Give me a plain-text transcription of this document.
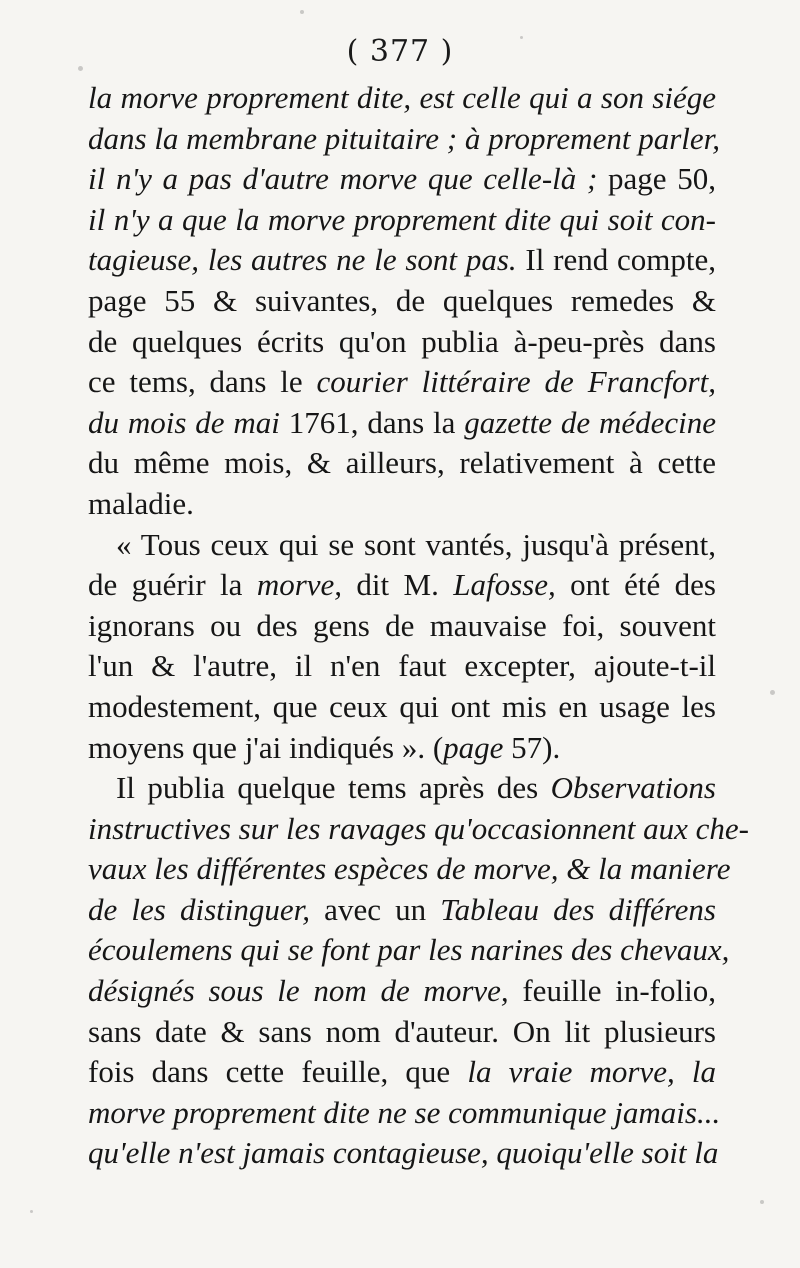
( 377 )
la morve proprement dite, est celle qui a son siége
dans la membrane pituitaire ; à proprement parler,
il n'y a pas d'autre morve que celle-là ; page 50,
il n'y a que la morve proprement dite qui soit con-
tagieuse, les autres ne le sont pas. Il rend compte,
page 55 & suivantes, de quelques remedes &
de quelques écrits qu'on publia à-peu-près dans
ce tems, dans le courier littéraire de Francfort,
du mois de mai 1761, dans la gazette de médecine
du même mois, & ailleurs, relativement à cette
maladie.
« Tous ceux qui se sont vantés, jusqu'à présent,
de guérir la morve, dit M. Lafosse, ont été des
ignorans ou des gens de mauvaise foi, souvent
l'un & l'autre, il n'en faut excepter, ajoute-t-il
modestement, que ceux qui ont mis en usage les
moyens que j'ai indiqués ». (page 57).
Il publia quelque tems après des Observations
instructives sur les ravages qu'occasionnent aux che-
vaux les différentes espèces de morve, & la maniere
de les distinguer, avec un Tableau des différens
écoulemens qui se font par les narines des chevaux,
désignés sous le nom de morve, feuille in-folio,
sans date & sans nom d'auteur. On lit plusieurs
fois dans cette feuille, que la vraie morve, la
morve proprement dite ne se communique jamais...
qu'elle n'est jamais contagieuse, quoiqu'elle soit la
